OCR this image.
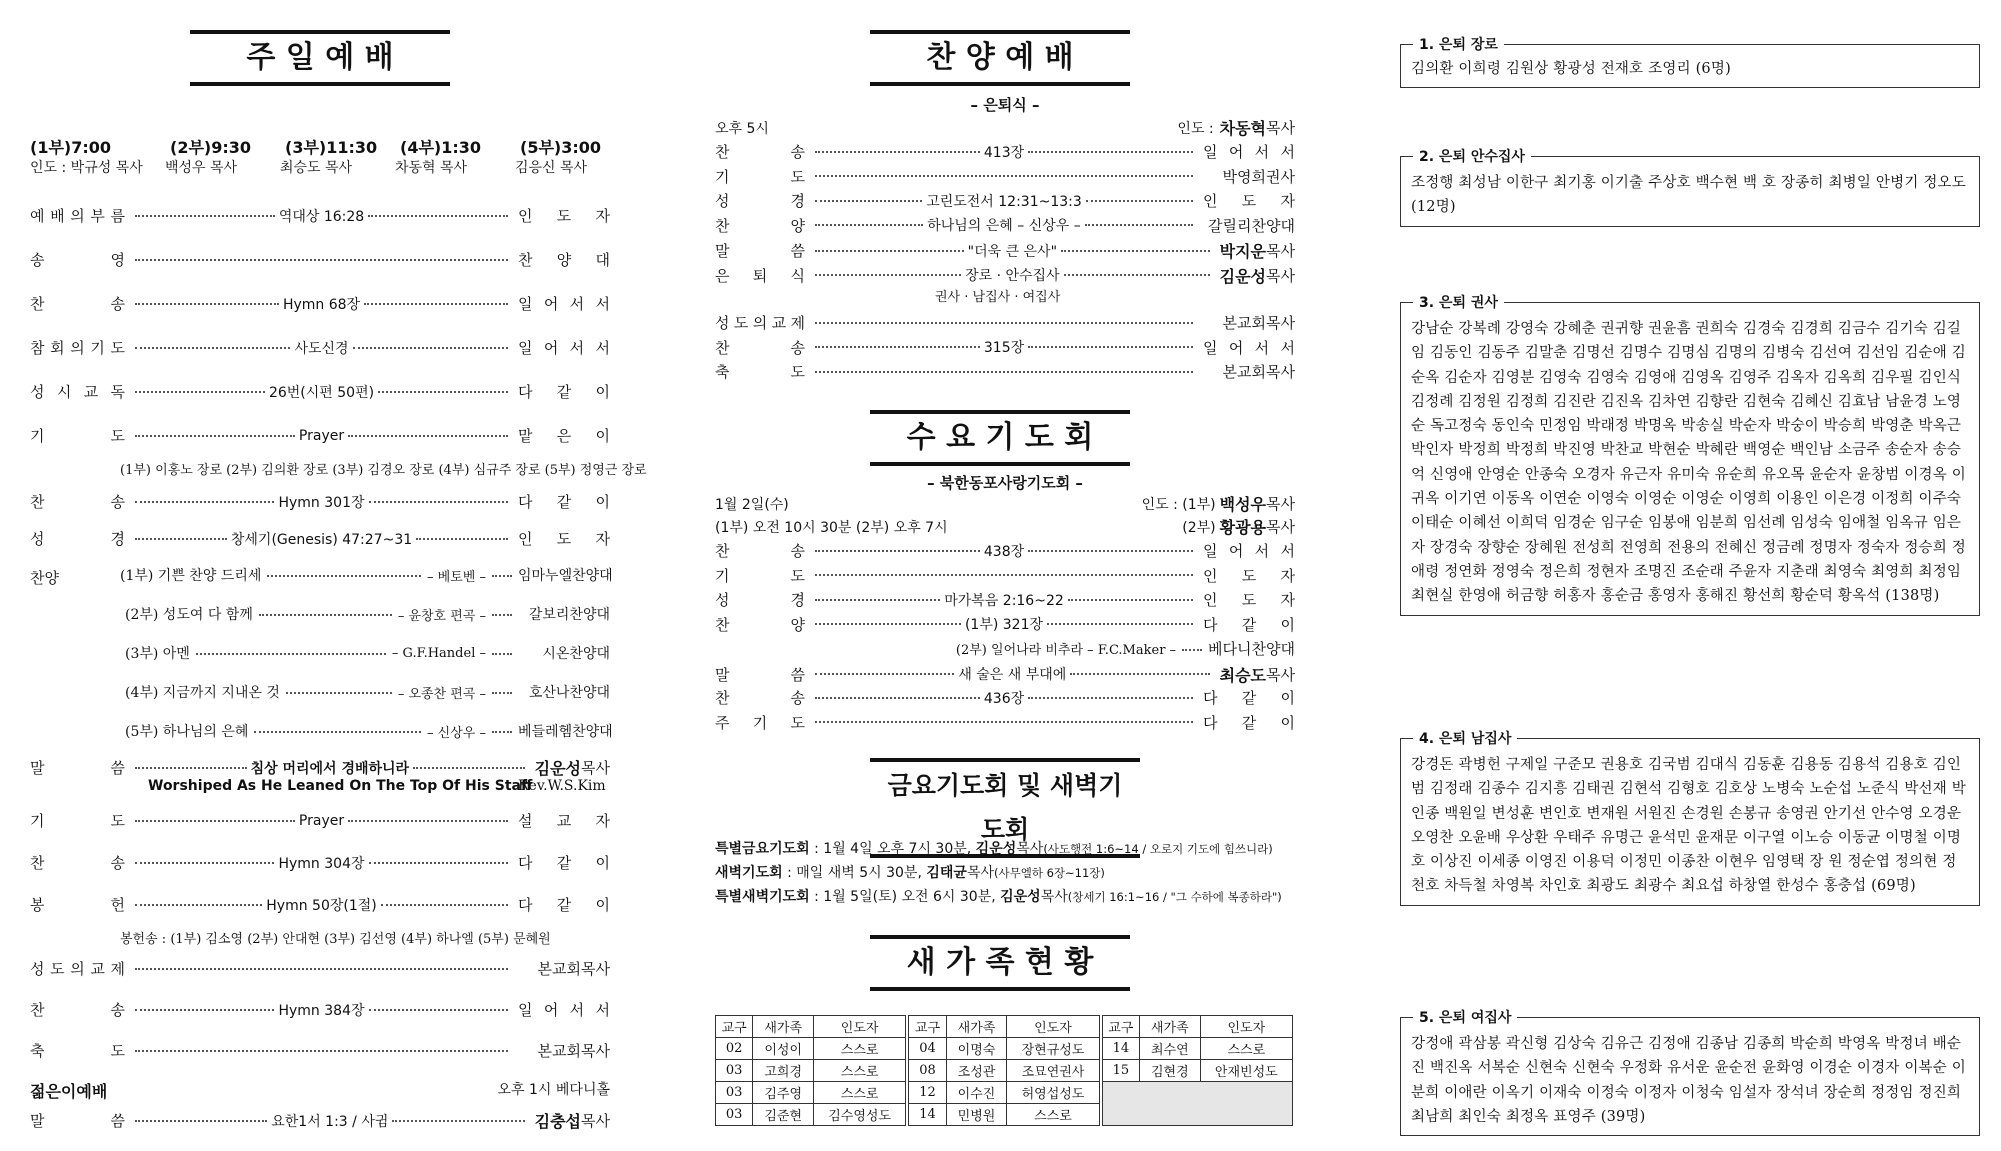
주 일 예 배
(1부)7:00
인도 : 박규성 목사
(2부)9:30
백성우 목사
(3부)11:30
최승도 목사
(4부)1:30
차동혁 목사
(5부)3:00
김응신 목사
예 배 의 부 름	역대상 16:28	인 도 자
송	영	찬 양 대
찬	송	Hymn 68장	일 어 서 서
참 회 의 기 도	사도신경	일 어 서 서
성 시 교 독	26번(시편 50편)	다 같 이
기	도	Prayer	맡 은 이
(1부) 이홍노 장로 (2부) 김의환 장로 (3부) 김경오 장로 (4부) 심규주 장로 (5부) 정영근 장로
찬	송	Hymn 301장	다 같 이
성	경	창세기(Genesis) 47:27~31	인 도 자
찬양	(1부) 기쁜 찬양 드리세	– 베토벤 – 임마누엘찬양대
(2부) 성도여 다 함께	– 윤창호 편곡 –	갈보리찬양대
(3부) 아멘	– G.F.Handel –	시온찬양대
(4부) 지금까지 지내온 것	– 오종찬 편곡 –	호산나찬양대
(5부) 하나님의 은혜	– 신상우 – 베들레헴찬양대
말	씀	침상 머리에서 경배하니라	김운성 목사
Worshiped As He Leaned On The Top Of His Staff
Rev.W.S.Kim
기	도	Prayer	설 교 자
찬	송	Hymn 304장	다 같 이
봉	헌	Hymn 50장(1절)	다 같 이
봉헌송 : (1부) 김소영 (2부) 안대현 (3부) 김선영 (4부) 하나엘 (5부) 문혜원
성 도 의 교 제	본교회목사
찬	송	Hymn 384장	일 어 서 서
축	도	본교회목사
젊은이예배	오후 1시 베다니홀
말	씀	요한1서 1:3 / 사귐	김충섭 목사
찬 양 예 배
– 은퇴식 –
오후 5시	인도 : 차동혁 목사
찬	송	413장	일 어 서 서
기	도	박영희권사
성	경	고린도전서 12:31~13:3	인 도 자
찬	양	하나님의 은혜 – 신상우 –	갈릴리찬양대
말	씀	"더욱 큰 은사"	박지운 목사
은 퇴 식	장로 · 안수집사	김운성 목사
권사 · 남집사 · 여집사
성 도 의 교 제	본교회목사
찬	송	315장	일 어 서 서
축	도	본교회목사
수 요 기 도 회
– 북한동포사랑기도회 –
1월 2일(수)	인도 : (1부) 백성우 목사
(1부) 오전 10시 30분 (2부) 오후 7시	(2부) 황광용 목사
찬	송	438장	일 어 서 서
기	도	인 도 자
성	경	마가복음 2:16~22	인 도 자
찬	양	(1부) 321장	다 같 이
(2부) 일어나라 비추라 – F.C.Maker – 베다니찬양대
말	씀	새 술은 새 부대에	최승도 목사
찬	송	436장	다 같 이
주 기 도	다 같 이
금요기도회 및 새벽기도회
특별금요기도회 : 1월 4일 오후 7시 30분, 김운성목사(사도행전 1:6~14 / 오로지 기도에 힘쓰니라)
새벽기도회 : 매일 새벽 5시 30분, 김태균목사(사무엘하 6장~11장)
특별새벽기도회 : 1월 5일(토) 오전 6시 30분, 김운성목사(창세기 16:1~16 / "그 수하에 복종하라")
새 가 족 현 황
교구	새가족	인도자
02	이성이	스스로
03	고희경	스스로
03	김주영	스스로
03	김준현	김수영성도
교구	새가족	인도자
04	이명숙	장현규성도
08	조성관	조묘연권사
12	이수진	허영섭성도
14	민병원	스스로
교구	새가족	인도자
14	최수연	스스로
15	김현경	안재빈성도

1. 은퇴 장로
김의환 이희령 김원상 황광성 전재호 조영리 (6명)
2. 은퇴 안수집사
조정행 최성남 이한구 최기홍 이기출 주상호 백수현 백 호 장종히 최병일 안병기 정오도 (12명)
3. 은퇴 권사
강남순 강복례 강영숙 강혜춘 권귀향 권윤흠 권희숙 김경숙 김경희 김금수 김기숙 김길임 김동인 김동주 김말춘 김명선 김명수 김명심 김명의 김병숙 김선여 김선임 김순애 김순옥 김순자 김영분 김영숙 김영숙 김영애 김영옥 김영주 김옥자 김옥희 김우필 김인식 김정례 김정원 김정희 김진란 김진옥 김차연 김향란 김현숙 김혜신 김효남 남윤경 노영순 독고정숙 동인숙 민정임 박래정 박명옥 박송실 박순자 박숭이 박승희 박영춘 박옥근 박인자 박정희 박정희 박진영 박찬교 박현순 박혜란 백영순 백인남 소금주 송순자 송승억 신영애 안영순 안종숙 오경자 유근자 유미숙 유순희 유오목 윤순자 윤창범 이경옥 이귀옥 이기연 이동옥 이연순 이영숙 이영순 이영순 이영희 이용인 이은경 이정희 이주숙 이태순 이혜선 이희덕 임경순 임구순 임봉애 임분희 임선례 임성숙 임애철 임옥규 임은자 장경숙 장향순 장혜원 전성희 전영희 전용의 전혜신 정금례 정명자 정숙자 정승희 정애령 정연화 정영숙 정은희 정현자 조명진 조순래 주윤자 지춘래 최영숙 최영희 최정임 최현실 한영애 허금향 허홍자 홍순금 홍영자 홍해진 황선희 황순덕 황옥석 (138명)
4. 은퇴 남집사
강경돈 곽병헌 구제일 구준모 권용호 김국범 김대식 김동훈 김용동 김용석 김용호 김인범 김정래 김종수 김지흥 김태권 김현석 김형호 김호상 노병숙 노순섭 노준식 박선재 박인종 백원일 변성훈 변인호 변재원 서원진 손경원 손봉규 송영권 안기선 안수영 오경운 오영찬 오윤배 우상환 우태주 유명근 윤석민 윤재문 이구열 이노승 이동균 이명철 이명호 이상진 이세종 이영진 이용덕 이정민 이종찬 이현우 임영택 장 원 정순엽 정의현 정천호 차득철 차영복 차인호 최광도 최광수 최요섭 하창열 한성수 홍충섭 (69명)
5. 은퇴 여집사
강정애 곽삼봉 곽신형 김상숙 김유근 김정애 김종남 김종희 박순희 박영옥 박정녀 배순진 백진옥 서복순 신현숙 신현숙 우정화 유서운 윤순전 윤화영 이경순 이경자 이복순 이분희 이애란 이옥기 이재숙 이정숙 이정자 이청숙 임설자 장석녀 장순희 정정임 정진희 최남희 최인숙 최정옥 표영주 (39명)
